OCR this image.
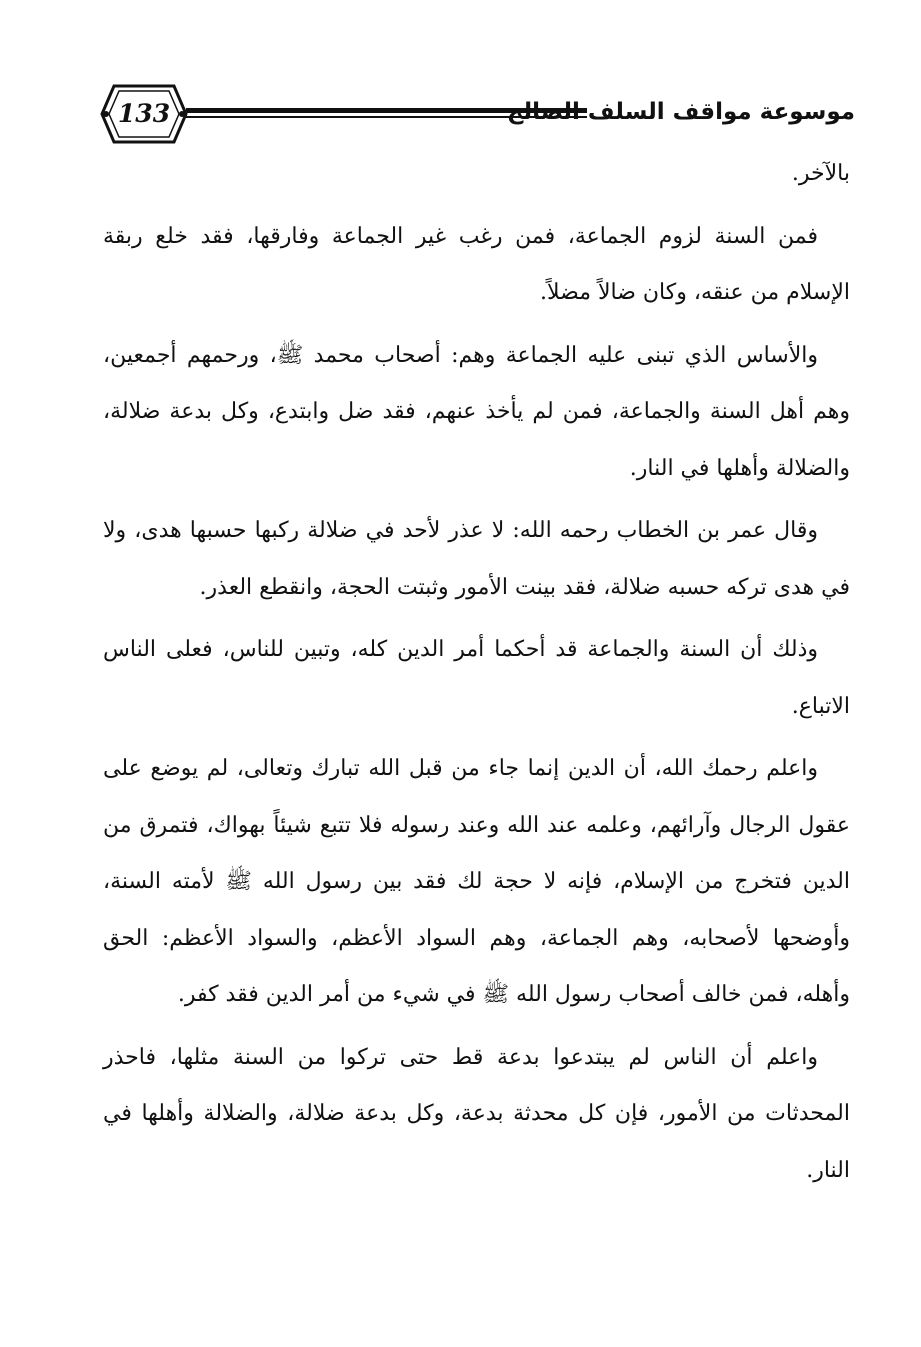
133	موسوعة مواقف السلف الصالح

بالآخر.

فمن السنة لزوم الجماعة، فمن رغب غير الجماعة وفارقها، فقد خلع ربقة الإسلام من عنقه، وكان ضالاً مضلاً.

والأساس الذي تبنى عليه الجماعة وهم: أصحاب محمد ﷺ، ورحمهم أجمعين، وهم أهل السنة والجماعة، فمن لم يأخذ عنهم، فقد ضل وابتدع، وكل بدعة ضلالة، والضلالة وأهلها في النار.

وقال عمر بن الخطاب رحمه الله: لا عذر لأحد في ضلالة ركبها حسبها هدى، ولا في هدى تركه حسبه ضلالة، فقد بينت الأمور وثبتت الحجة، وانقطع العذر.

وذلك أن السنة والجماعة قد أحكما أمر الدين كله، وتبين للناس، فعلى الناس الاتباع.

واعلم رحمك الله، أن الدين إنما جاء من قبل الله تبارك وتعالى، لم يوضع على عقول الرجال وآرائهم، وعلمه عند الله وعند رسوله فلا تتبع شيئاً بهواك، فتمرق من الدين فتخرج من الإسلام، فإنه لا حجة لك فقد بين رسول الله ﷺ لأمته السنة، وأوضحها لأصحابه، وهم الجماعة، وهم السواد الأعظم، والسواد الأعظم: الحق وأهله، فمن خالف أصحاب رسول الله ﷺ في شيء من أمر الدين فقد كفر.

واعلم أن الناس لم يبتدعوا بدعة قط حتى تركوا من السنة مثلها، فاحذر المحدثات من الأمور، فإن كل محدثة بدعة، وكل بدعة ضلالة، والضلالة وأهلها في النار.
